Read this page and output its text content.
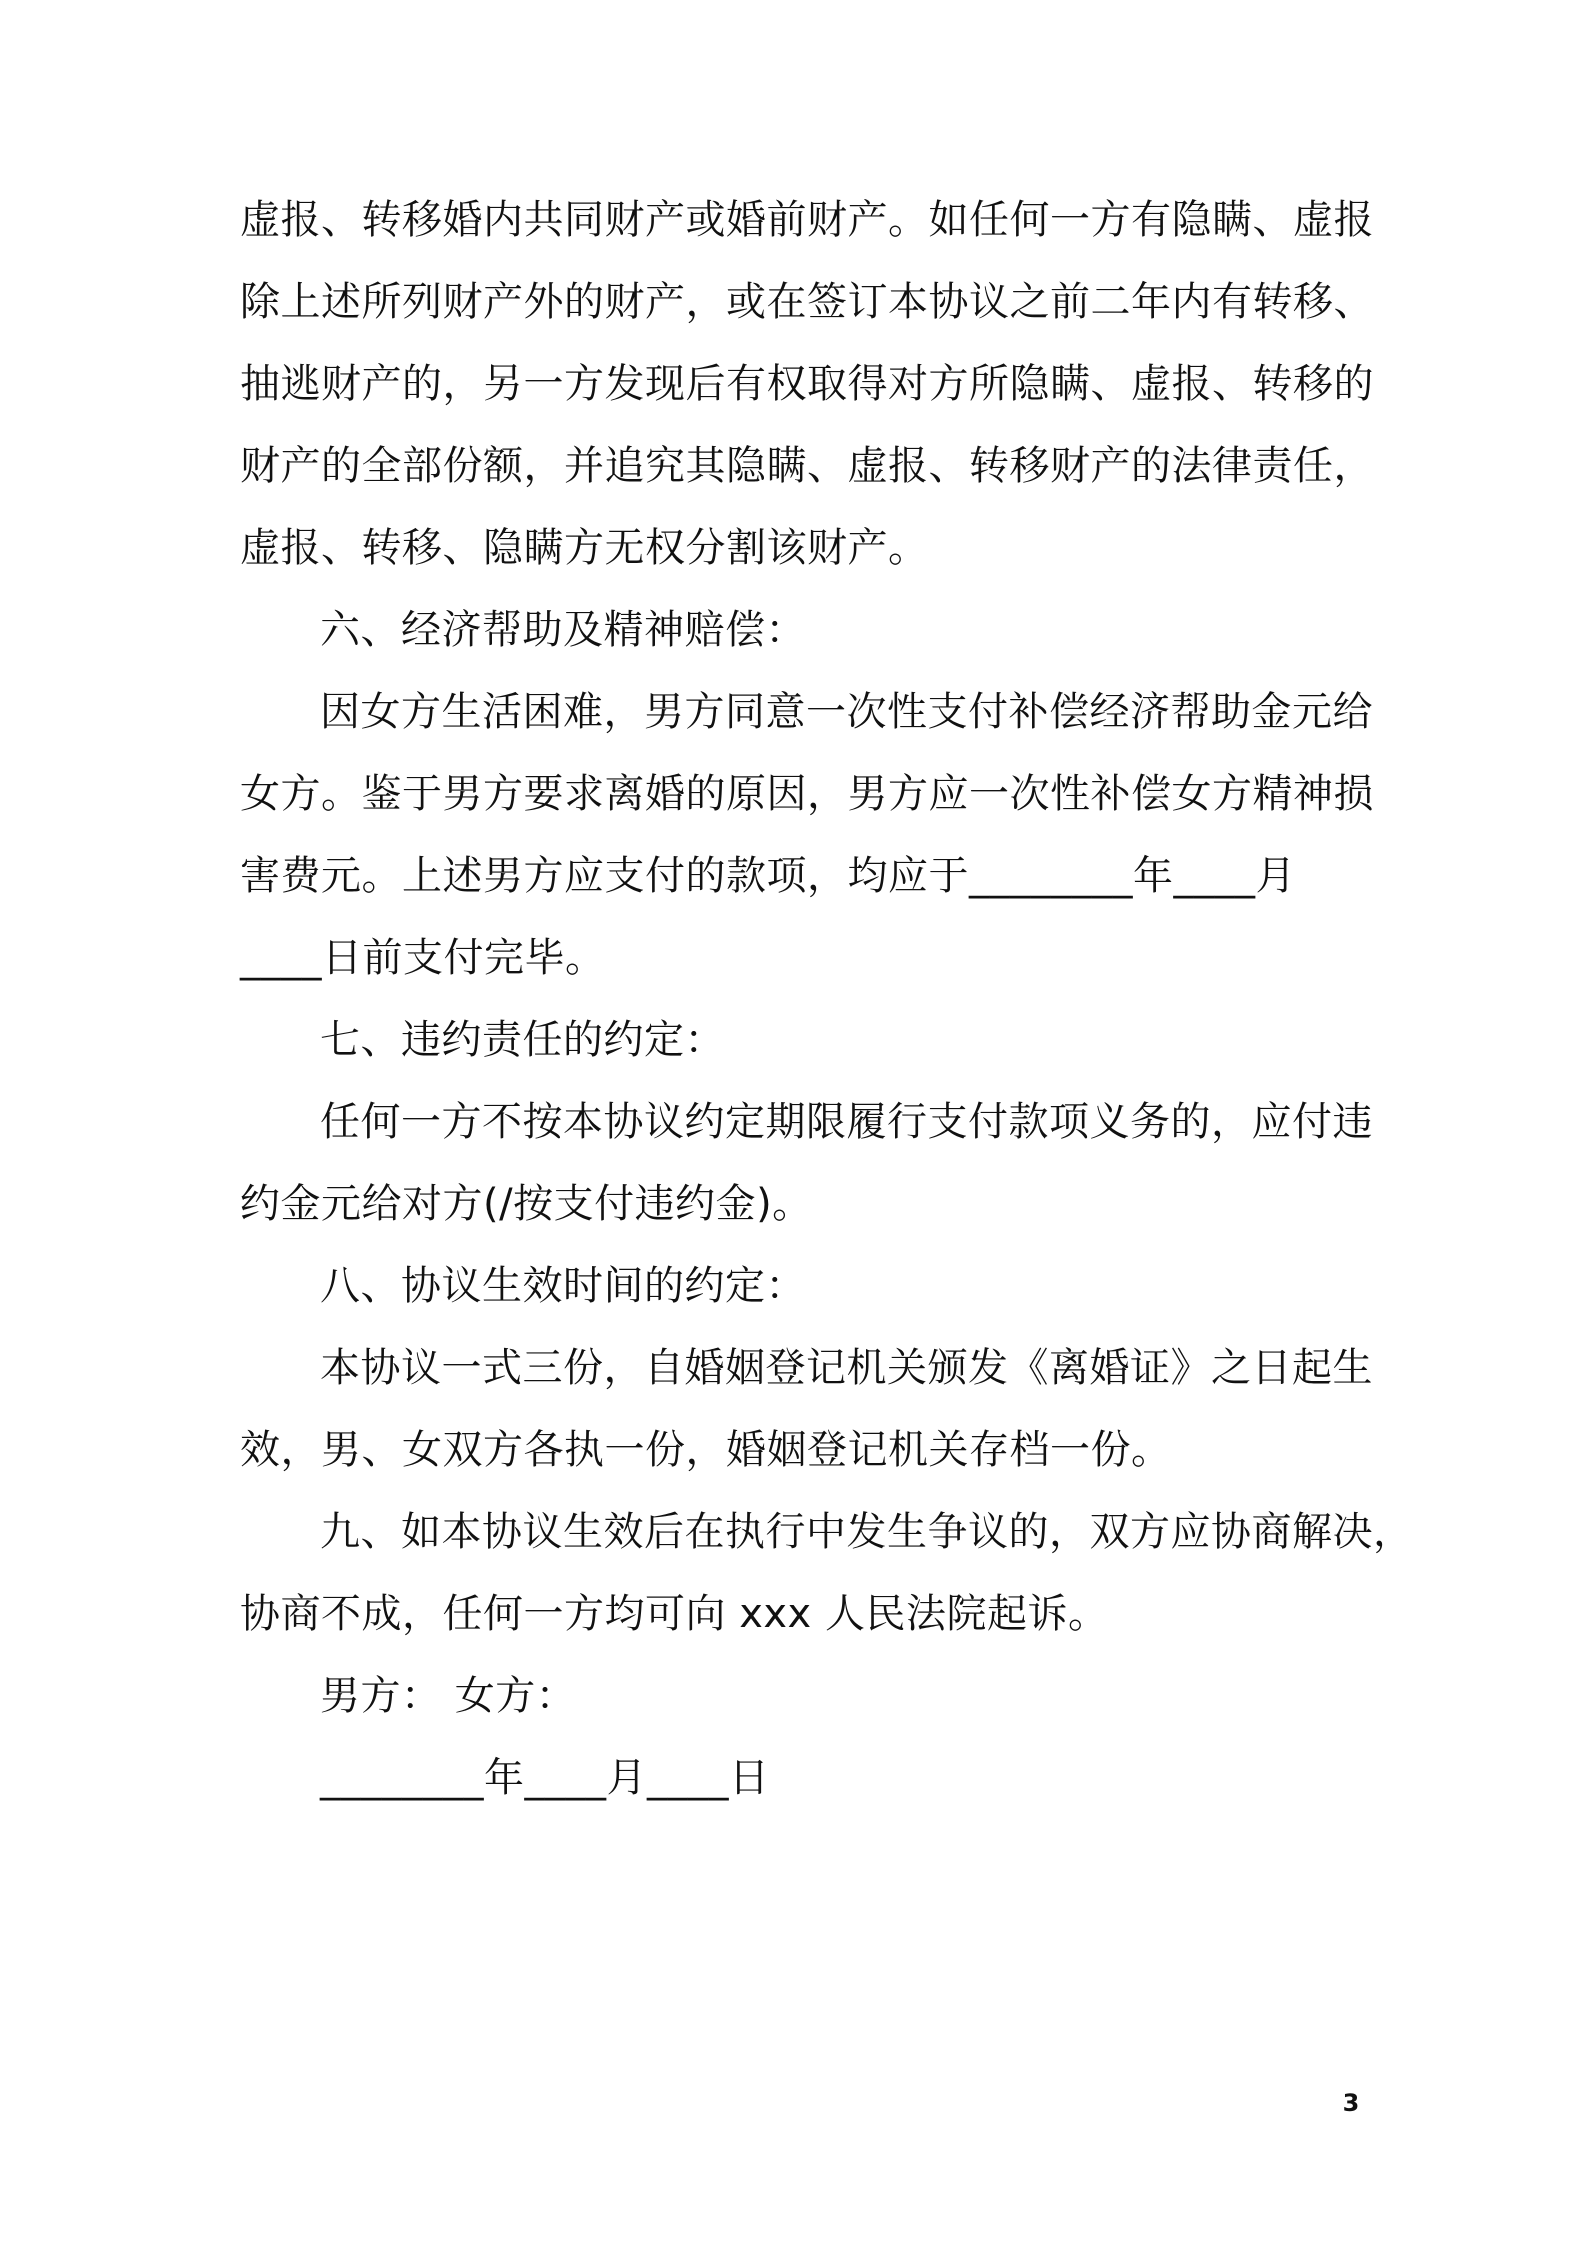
虚报、转移婚内共同财产或婚前财产。如任何一方有隐瞒、虚报
除上述所列财产外的财产，或在签订本协议之前二年内有转移、
抽逃财产的，另一方发现后有权取得对方所隐瞒、虚报、转移的
财产的全部份额，并追究其隐瞒、虚报、转移财产的法律责任，
虚报、转移、隐瞒方无权分割该财产。
六、经济帮助及精神赔偿：
因女方生活困难，男方同意一次性支付补偿经济帮助金元给
女方。鉴于男方要求离婚的原因，男方应一次性补偿女方精神损
害费元。上述男方应支付的款项，均应于________年____月
____日前支付完毕。
七、违约责任的约定：
任何一方不按本协议约定期限履行支付款项义务的，应付违
约金元给对方(/按支付违约金)。
八、协议生效时间的约定：
本协议一式三份，自婚姻登记机关颁发《离婚证》之日起生
效，男、女双方各执一份，婚姻登记机关存档一份。
九、如本协议生效后在执行中发生争议的，双方应协商解决，
协商不成，任何一方均可向 xxx 人民法院起诉。
男方： 女方：
________年____月____日
3
